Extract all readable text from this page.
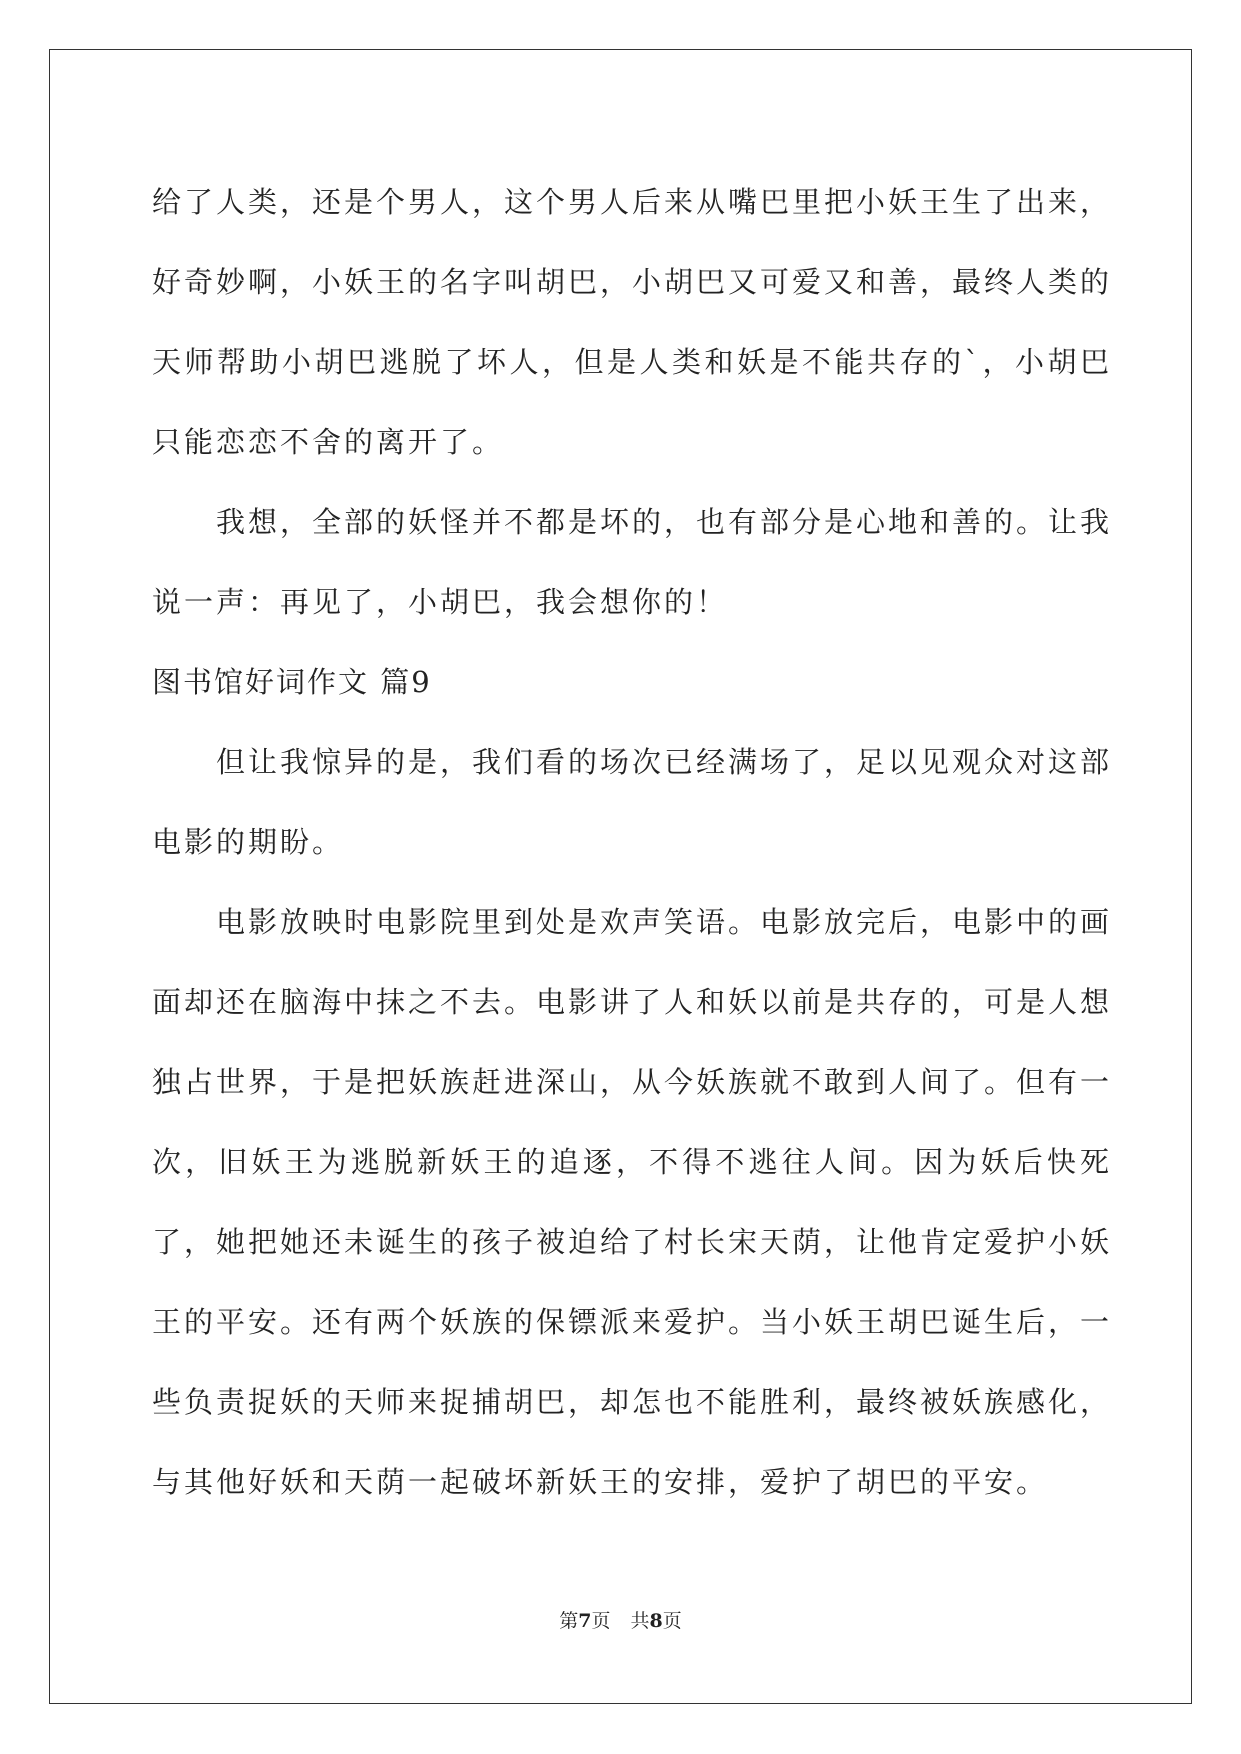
给了人类，还是个男人，这个男人后来从嘴巴里把小妖王生了出来，好奇妙啊，小妖王的名字叫胡巴，小胡巴又可爱又和善，最终人类的天师帮助小胡巴逃脱了坏人，但是人类和妖是不能共存的`，小胡巴只能恋恋不舍的离开了。

我想，全部的妖怪并不都是坏的，也有部分是心地和善的。让我说一声：再见了，小胡巴，我会想你的！

图书馆好词作文 篇9

但让我惊异的是，我们看的场次已经满场了，足以见观众对这部电影的期盼。

电影放映时电影院里到处是欢声笑语。电影放完后，电影中的画面却还在脑海中抹之不去。电影讲了人和妖以前是共存的，可是人想独占世界，于是把妖族赶进深山，从今妖族就不敢到人间了。但有一次，旧妖王为逃脱新妖王的追逐，不得不逃往人间。因为妖后快死了，她把她还未诞生的孩子被迫给了村长宋天荫，让他肯定爱护小妖王的平安。还有两个妖族的保镖派来爱护。当小妖王胡巴诞生后，一些负责捉妖的天师来捉捕胡巴，却怎也不能胜利，最终被妖族感化，与其他好妖和天荫一起破坏新妖王的安排，爱护了胡巴的平安。

第7页 共8页
